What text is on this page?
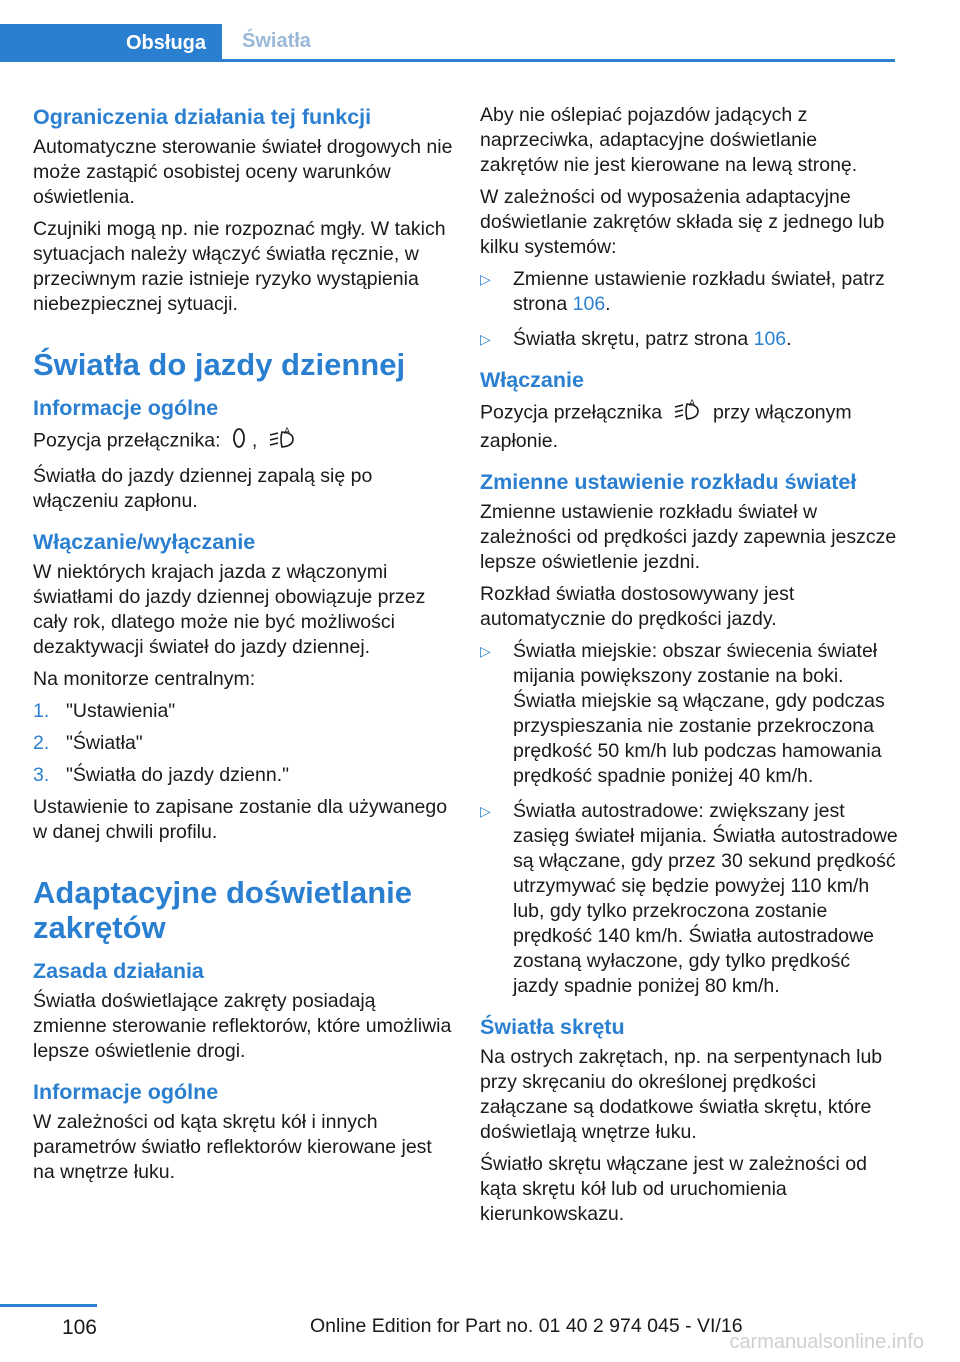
Obsługa	Światła
Ograniczenia działania tej funkcji

Automatyczne sterowanie świateł drogowych nie może zastąpić osobistej oceny warunków oświetlenia.

Czujniki mogą np. nie rozpoznać mgły. W takich sytuacjach należy włączyć światła ręcznie, w przeciwnym razie istnieje ryzyko wystąpienia niebezpiecznej sytuacji.

Światła do jazdy dziennej
Informacje ogólne

Pozycja przełącznika: ,	A

Światła do jazdy dziennej zapalą się po włączeniu zapłonu.

Włączanie/wyłączanie

W niektórych krajach jazda z włączonymi światłami do jazdy dziennej obowiązuje przez cały rok, dlatego może nie być możliwości dezaktywacji świateł do jazdy dziennej.

Na monitorze centralnym:

1. "Ustawienia"
2. "Światła"
3. "Światła do jazdy dzienn."

Ustawienie to zapisane zostanie dla używanego w danej chwili profilu.

Adaptacyjne doświetlanie zakrętów
Zasada działania

Światła doświetlające zakręty posiadają zmienne sterowanie reflektorów, które umożliwia lepsze oświetlenie drogi.

Informacje ogólne

W zależności od kąta skrętu kół i innych parametrów światło reflektorów kierowane jest na wnętrze łuku.

Aby nie oślepiać pojazdów jadących z naprzeciwka, adaptacyjne doświetlanie zakrętów nie jest kierowane na lewą stronę.

W zależności od wyposażenia adaptacyjne doświetlanie zakrętów składa się z jednego lub kilku systemów:

▷ Zmienne ustawienie rozkładu świateł, patrz strona 106.
▷ Światła skrętu, patrz strona 106.
Włączanie

Pozycja przełącznika	A przy włączonym zapłonie.

Zmienne ustawienie rozkładu świateł

Zmienne ustawienie rozkładu świateł w zależności od prędkości jazdy zapewnia jeszcze lepsze oświetlenie jezdni.

Rozkład światła dostosowywany jest automatycznie do prędkości jazdy.

▷ Światła miejskie: obszar świecenia świateł mijania powiększony zostanie na boki. Światła miejskie są włączane, gdy podczas przyspieszania nie zostanie przekroczona prędkość 50 km/h lub podczas hamowania prędkość spadnie poniżej 40 km/h.
▷ Światła autostradowe: zwiększany jest zasięg świateł mijania. Światła autostradowe są włączane, gdy przez 30 sekund prędkość utrzymywać się będzie powyżej 110 km/h lub, gdy tylko przekroczona zostanie prędkość 140 km/h. Światła autostradowe zostaną wyłaczone, gdy tylko prędkość jazdy spadnie poniżej 80 km/h.
Światła skrętu

Na ostrych zakrętach, np. na serpentynach lub przy skręcaniu do określonej prędkości załączane są dodatkowe światła skrętu, które doświetlają wnętrze łuku.

Światło skrętu włączane jest w zależności od kąta skrętu kół lub od uruchomienia kierunkowskazu.

106	Online Edition for Part no. 01 40 2 974 045 - VI/16
carmanualsonline.info
